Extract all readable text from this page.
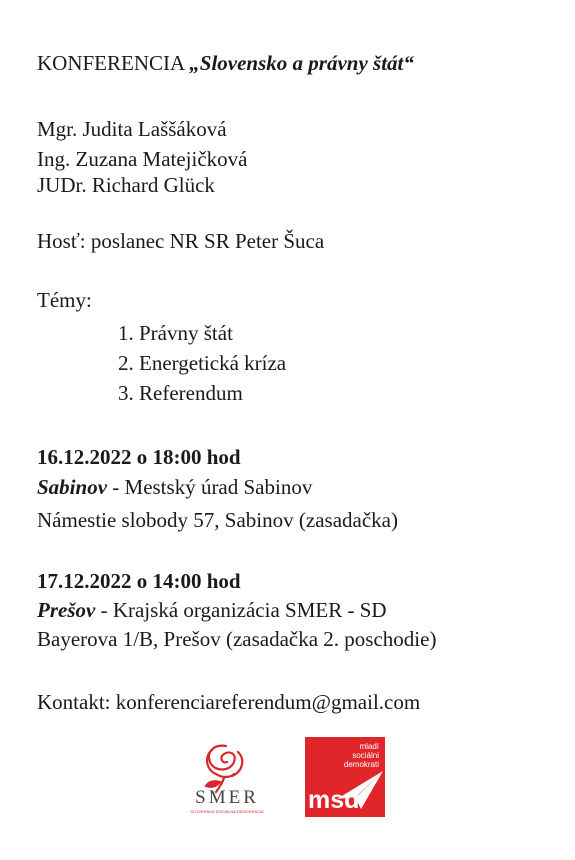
KONFERENCIA „Slovensko a právny štát“
Mgr. Judita Laššáková
Ing. Zuzana Matejičková
JUDr. Richard Glück
Hosť: poslanec NR SR Peter Šuca
Témy:
1. Právny štát
2. Energetická kríza
3. Referendum
16.12.2022 o 18:00 hod
Sabinov - Mestský úrad Sabinov
Námestie slobody 57, Sabinov (zasadačka)
17.12.2022 o 14:00 hod
Prešov - Krajská organizácia SMER - SD
Bayerova 1/B, Prešov (zasadačka 2. poschodie)
Kontakt: konferenciareferendum@gmail.com
SMER
SLOVENSKÁ SOCIÁLNA DEMOKRACIA
mladí
sociálni
demokrati
msd
